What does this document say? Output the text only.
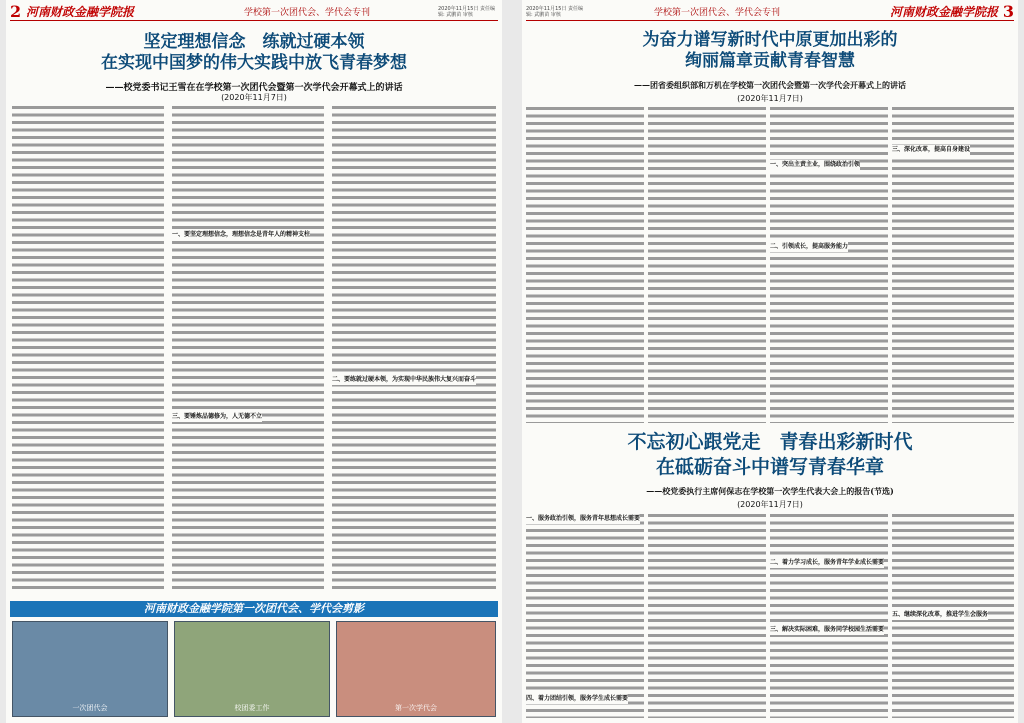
2 河南财政金融学院报	学校第一次团代会、学代会专刊	2020年11月15日 责任编辑: 武鹏苗 审核
坚定理想信念　练就过硬本领
在实现中国梦的伟大实践中放飞青春梦想
——校党委书记王雪在在学校第一次团代会暨第一次学代会开幕式上的讲话
(2020年11月7日)
一、要坚定理想信念，理想信念是青年人的精神支柱
二、要练就过硬本领，为实现中华民族伟大复兴而奋斗
三、要锤炼品德修为，人无德不立
河南财政金融学院第一次团代会、学代会剪影
一次团代会	校团委工作	第一次学代会
2020年11月15日 责任编辑: 武鹏苗 审核	学校第一次团代会、学代会专刊	河南财政金融学院报 3
为奋力谱写新时代中原更加出彩的
绚丽篇章贡献青春智慧
——团省委组织部和万机在学校第一次团代会暨第一次学代会开幕式上的讲话
(2020年11月7日)
一、突出主责主业，围绕政治引领
二、引领成长，提高服务能力
三、深化改革，提高自身建设
不忘初心跟党走　青春出彩新时代
在砥砺奋斗中谱写青春华章
——校党委执行主席何保志在学校第一次学生代表大会上的报告(节选)
(2020年11月7日)
一、服务政治引领，服务青年思想成长需要
二、着力学习成长，服务青年学业成长需要
三、解决实际困难，服务同学校园生活需要
四、着力团结引领，服务学生成长需要
五、继续深化改革，推进学生会服务
